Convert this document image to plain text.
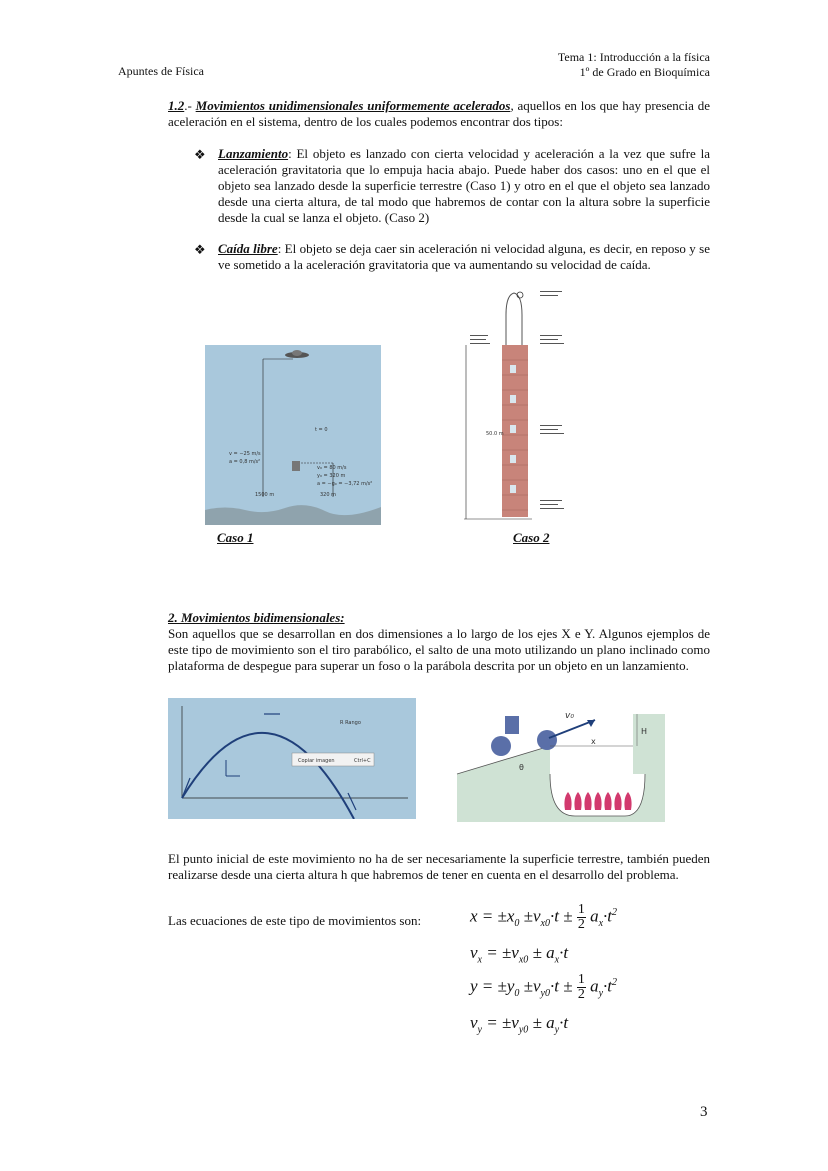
Apuntes de Física
Tema 1: Introducción a la física
1º de Grado en Bioquímica
1.2.- Movimientos unidimensionales uniformemente acelerados, aquellos en los que hay presencia de aceleración en el sistema, dentro de los cuales podemos encontrar dos tipos:
❖ Lanzamiento: El objeto es lanzado con cierta velocidad y aceleración a la vez que sufre la aceleración gravitatoria que lo empuja hacia abajo. Puede haber dos casos: uno en el que el objeto sea lanzado desde la superficie terrestre (Caso 1) y otro en el que el objeto sea lanzado desde una cierta altura, de tal modo que habremos de contar con la altura sobre la superficie desde la cual se lanza el objeto. (Caso 2)
❖ Caída libre: El objeto se deja caer sin aceleración ni velocidad alguna, es decir, en reposo y se ve sometido a la aceleración gravitatoria que va aumentando su velocidad de caída.
t = 0
v = −25 m/s
a = 0,8 m/s²
v₀ = 80 m/s
y₀ = 320 m
a = −g₀ = −3,72 m/s²
1500 m	320 m
50.0 m
Caso 1	Caso 2
2. Movimientos bidimensionales:
Son aquellos que se desarrollan en dos dimensiones a lo largo de los ejes X e Y. Algunos ejemplos de este tipo de movimiento son el tiro parabólico, el salto de una moto utilizando un plano inclinado como plataforma de despegue para superar un foso o la parábola descrita por un objeto en un lanzamiento.
Copiar imagen	Ctrl+C
R Rango
v₀
x
H
θ
El punto inicial de este movimiento no ha de ser necesariamente la superficie terrestre, también pueden realizarse desde una cierta altura h que habremos de tener en cuenta en el desarrollo del problema.
Las ecuaciones de este tipo de movimientos son:	$x = \pm x_0 \pm v_{x0}\cdot t \pm \frac{1}{2} a_x\cdot t^2$
$v_x = \pm v_{x0} \pm a_x\cdot t$
$y = \pm y_0 \pm v_{y0}\cdot t \pm \frac{1}{2} a_y\cdot t^2$
$v_y = \pm v_{y0} \pm a_y\cdot t$
3
